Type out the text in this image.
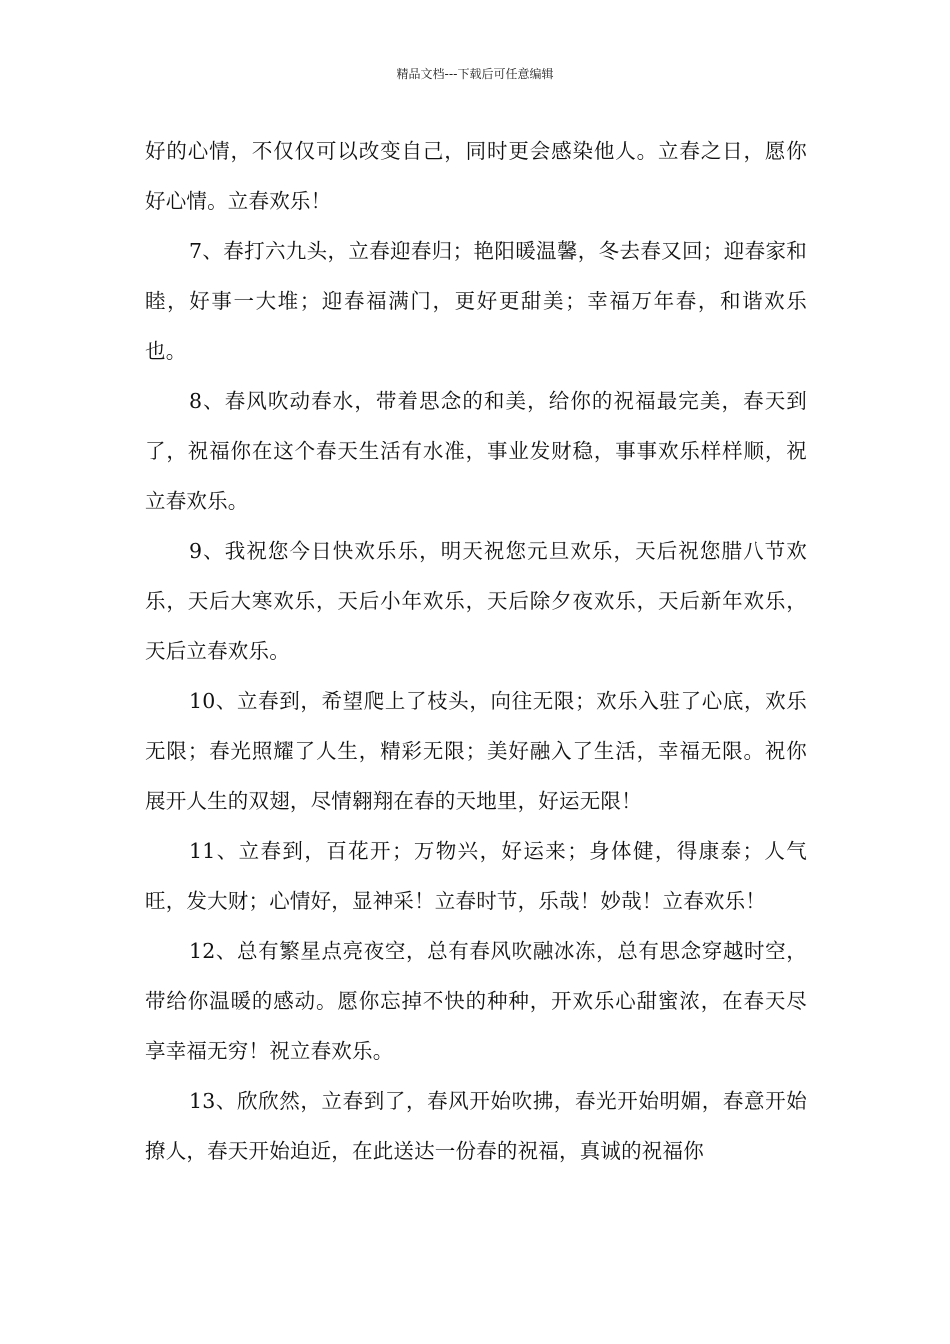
精品文档---下载后可任意编辑

好的心情，不仅仅可以改变自己，同时更会感染他人。立春之日，愿你好心情。立春欢乐！

7、春打六九头，立春迎春归；艳阳暖温馨，冬去春又回；迎春家和睦，好事一大堆；迎春福满门，更好更甜美；幸福万年春，和谐欢乐也。

8、春风吹动春水，带着思念的和美，给你的祝福最完美，春天到了，祝福你在这个春天生活有水准，事业发财稳，事事欢乐样样顺，祝立春欢乐。

9、我祝您今日快欢乐乐，明天祝您元旦欢乐，天后祝您腊八节欢乐，天后大寒欢乐，天后小年欢乐，天后除夕夜欢乐，天后新年欢乐，天后立春欢乐。

10、立春到，希望爬上了枝头，向往无限；欢乐入驻了心底，欢乐无限；春光照耀了人生，精彩无限；美好融入了生活，幸福无限。祝你展开人生的双翅，尽情翱翔在春的天地里，好运无限！

11、立春到，百花开；万物兴，好运来；身体健，得康泰；人气旺，发大财；心情好，显神采！立春时节，乐哉！妙哉！立春欢乐！

12、总有繁星点亮夜空，总有春风吹融冰冻，总有思念穿越时空，带给你温暖的感动。愿你忘掉不快的种种，开欢乐心甜蜜浓，在春天尽享幸福无穷！祝立春欢乐。

13、欣欣然，立春到了，春风开始吹拂，春光开始明媚，春意开始撩人，春天开始迫近，在此送达一份春的祝福，真诚的祝福你
